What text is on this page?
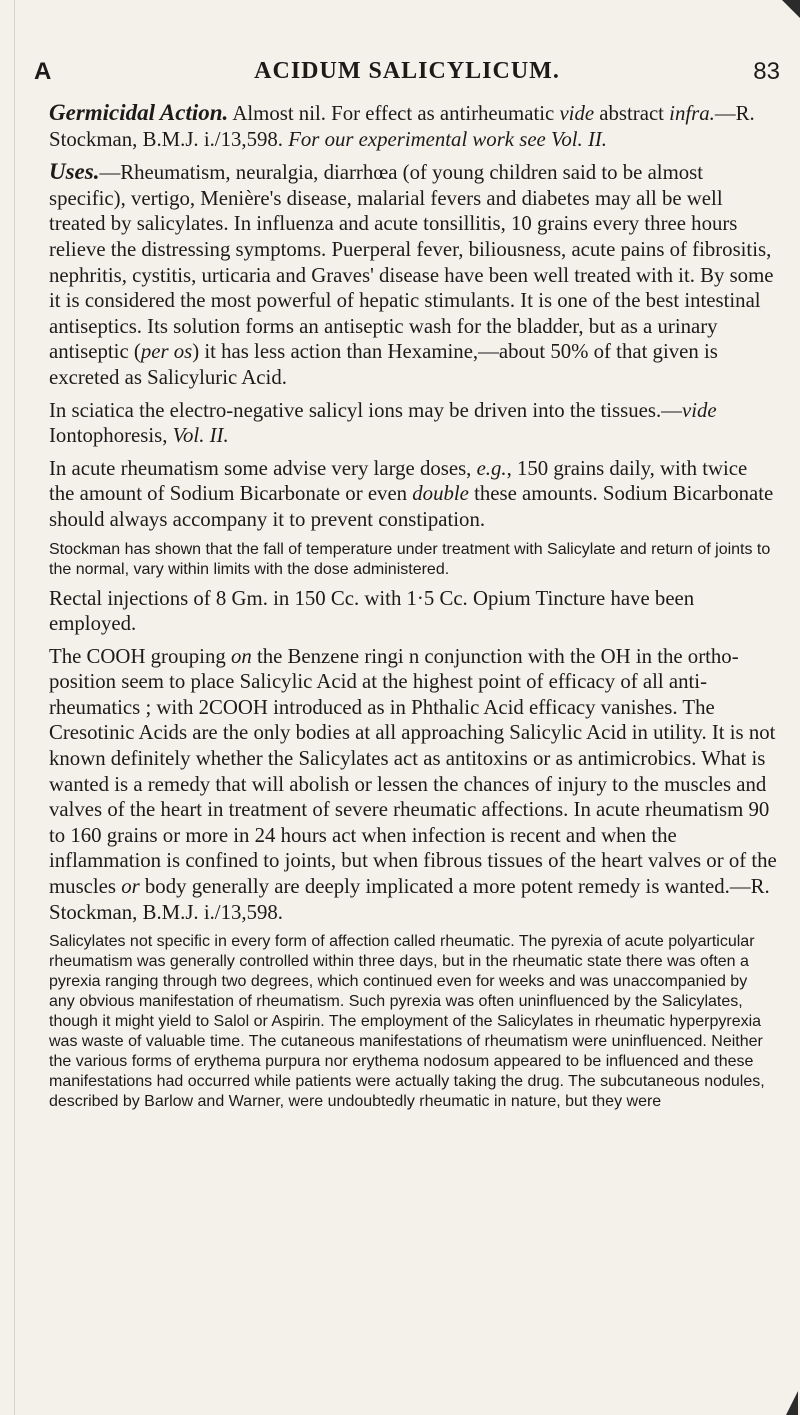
A	ACIDUM SALICYLICUM.	83

Germicidal Action. Almost nil. For effect as antirheumatic vide abstract infra.—R. Stockman, B.M.J. i./13,598. For our experimental work see Vol. II.

Uses.—Rheumatism, neuralgia, diarrhœa (of young children said to be almost specific), vertigo, Menière's disease, malarial fevers and diabetes may all be well treated by salicylates. In influenza and acute tonsillitis, 10 grains every three hours relieve the distressing symptoms. Puerperal fever, biliousness, acute pains of fibrositis, nephritis, cystitis, urticaria and Graves' disease have been well treated with it. By some it is considered the most powerful of hepatic stimulants. It is one of the best intestinal antiseptics. Its solution forms an antiseptic wash for the bladder, but as a urinary antiseptic (per os) it has less action than Hexamine,—about 50% of that given is excreted as Salicyluric Acid.

In sciatica the electro-negative salicyl ions may be driven into the tissues.—vide Iontophoresis, Vol. II.

In acute rheumatism some advise very large doses, e.g., 150 grains daily, with twice the amount of Sodium Bicarbonate or even double these amounts. Sodium Bicarbonate should always accompany it to prevent constipation.

Stockman has shown that the fall of temperature under treatment with Salicylate and return of joints to the normal, vary within limits with the dose administered.

Rectal injections of 8 Gm. in 150 Cc. with 1·5 Cc. Opium Tincture have been employed.

The COOH grouping on the Benzene ringi n conjunction with the OH in the ortho- position seem to place Salicylic Acid at the highest point of efficacy of all anti-rheumatics ; with 2COOH introduced as in Phthalic Acid efficacy vanishes. The Cresotinic Acids are the only bodies at all approaching Salicylic Acid in utility. It is not known definitely whether the Salicylates act as antitoxins or as antimicrobics. What is wanted is a remedy that will abolish or lessen the chances of injury to the muscles and valves of the heart in treatment of severe rheumatic affections. In acute rheumatism 90 to 160 grains or more in 24 hours act when infection is recent and when the inflammation is confined to joints, but when fibrous tissues of the heart valves or of the muscles or body generally are deeply implicated a more potent remedy is wanted.—R. Stockman, B.M.J. i./13,598.

Salicylates not specific in every form of affection called rheumatic. The pyrexia of acute polyarticular rheumatism was generally controlled within three days, but in the rheumatic state there was often a pyrexia ranging through two degrees, which continued even for weeks and was unaccompanied by any obvious manifestation of rheumatism. Such pyrexia was often uninfluenced by the Salicylates, though it might yield to Salol or Aspirin. The employment of the Salicylates in rheumatic hyperpyrexia was waste of valuable time. The cutaneous manifestations of rheumatism were uninfluenced. Neither the various forms of erythema purpura nor erythema nodosum appeared to be influenced and these manifestations had occurred while patients were actually taking the drug. The subcutaneous nodules, described by Barlow and Warner, were undoubtedly rheumatic in nature, but they were
